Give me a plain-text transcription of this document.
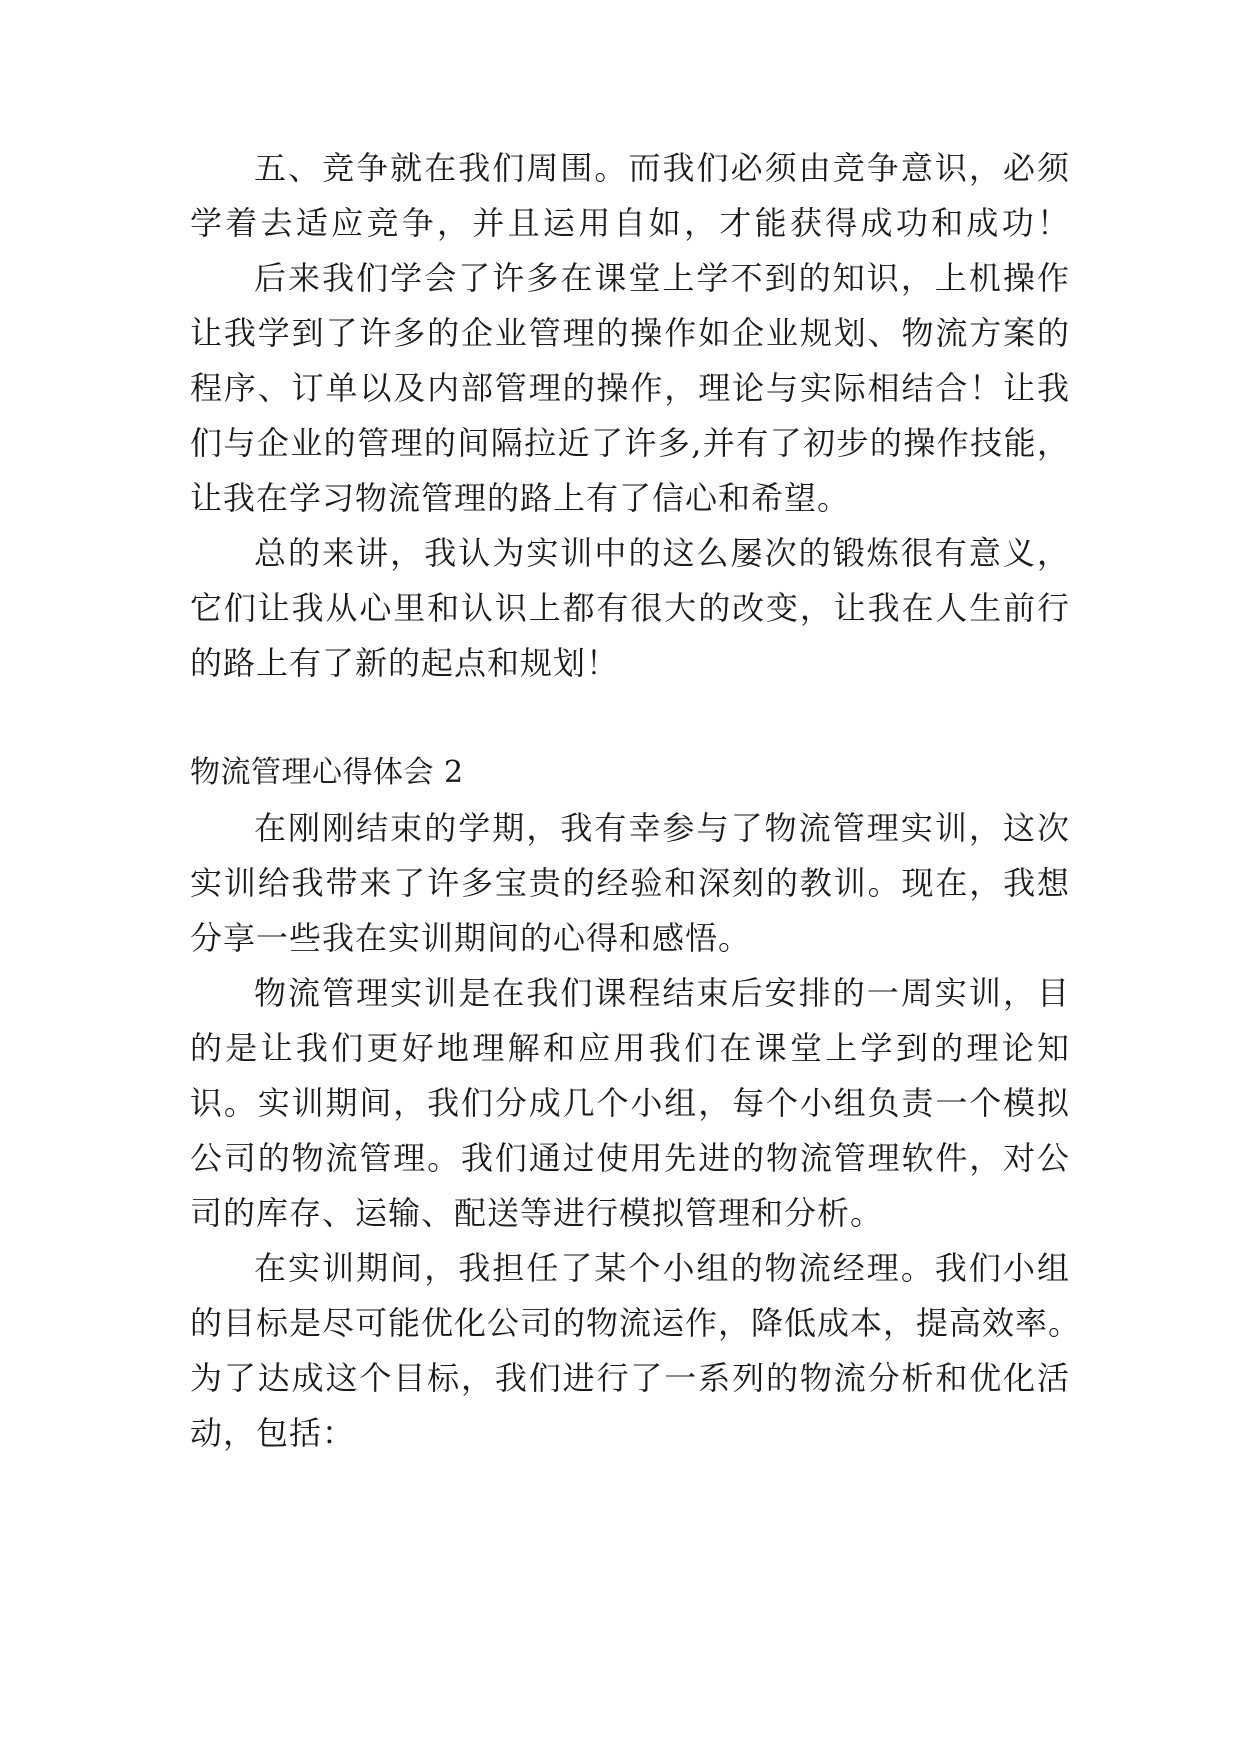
五、竞争就在我们周围。而我们必须由竞争意识，必须
学着去适应竞争，并且运用自如，才能获得成功和成功！
后来我们学会了许多在课堂上学不到的知识，上机操作
让我学到了许多的企业管理的操作如企业规划、物流方案的
程序、订单以及内部管理的操作，理论与实际相结合！让我
们与企业的管理的间隔拉近了许多,并有了初步的操作技能，
让我在学习物流管理的路上有了信心和希望。
总的来讲，我认为实训中的这么屡次的锻炼很有意义，
它们让我从心里和认识上都有很大的改变，让我在人生前行
的路上有了新的起点和规划！
物流管理心得体会 2
在刚刚结束的学期，我有幸参与了物流管理实训，这次
实训给我带来了许多宝贵的经验和深刻的教训。现在，我想
分享一些我在实训期间的心得和感悟。
物流管理实训是在我们课程结束后安排的一周实训，目
的是让我们更好地理解和应用我们在课堂上学到的理论知
识。实训期间，我们分成几个小组，每个小组负责一个模拟
公司的物流管理。我们通过使用先进的物流管理软件，对公
司的库存、运输、配送等进行模拟管理和分析。
在实训期间，我担任了某个小组的物流经理。我们小组
的目标是尽可能优化公司的物流运作，降低成本，提高效率。
为了达成这个目标，我们进行了一系列的物流分析和优化活
动，包括：
